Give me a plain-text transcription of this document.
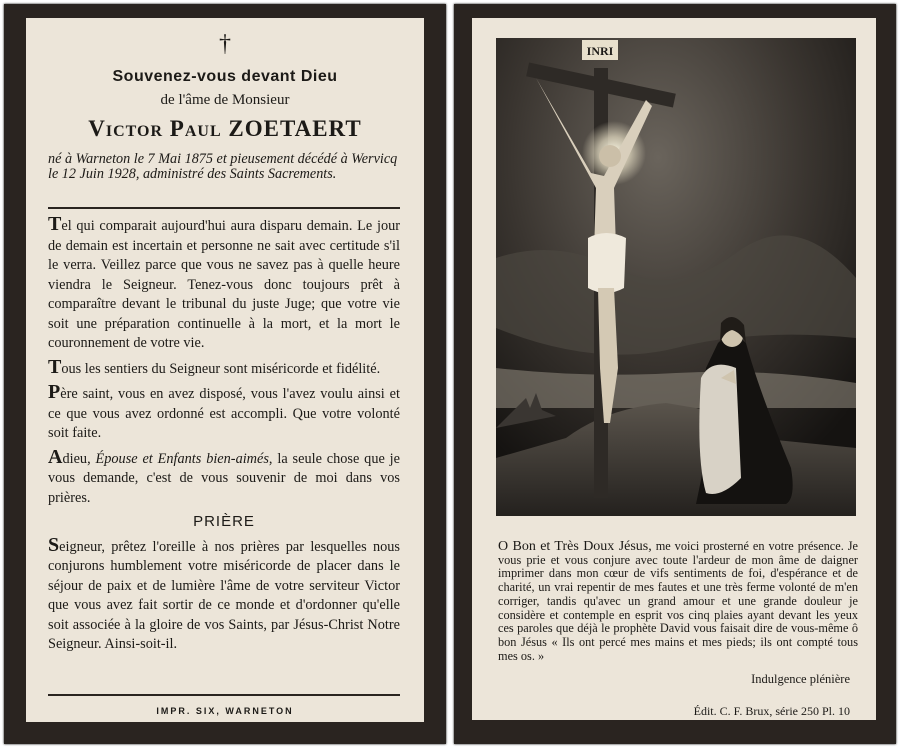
†
Souvenez-vous devant Dieu
de l'âme de Monsieur
Victor Paul ZOETAERT
né à Warneton le 7 Mai 1875 et pieusement décédé à Wervicq le 12 Juin 1928, administré des Saints Sacrements.

Tel qui comparait aujourd'hui aura disparu demain. Le jour de demain est incertain et personne ne sait avec certitude s'il le verra. Veillez parce que vous ne savez pas à quelle heure viendra le Seigneur. Tenez-vous donc toujours prêt à comparaître devant le tribunal du juste Juge; que votre vie soit une préparation continuelle à la mort, et la mort le couronnement de votre vie.

Tous les sentiers du Seigneur sont miséricorde et fidélité.

Père saint, vous en avez disposé, vous l'avez voulu ainsi et ce que vous avez ordonné est accompli. Que votre volonté soit faite.

Adieu, Épouse et Enfants bien-aimés, la seule chose que je vous demande, c'est de vous souvenir de moi dans vos prières.

PRIÈRE

Seigneur, prêtez l'oreille à nos prières par lesquelles nous conjurons humblement votre miséricorde de placer dans le séjour de paix et de lumière l'âme de votre serviteur Victor que vous avez fait sortir de ce monde et d'ordonner qu'elle soit associée à la gloire de vos Saints, par Jésus-Christ Notre Seigneur. Ainsi-soit-il.

IMPR. SIX, WARNETON
INRI
O Bon et Très Doux Jésus, me voici prosterné en votre présence. Je vous prie et vous conjure avec toute l'ardeur de mon âme de daigner imprimer dans mon cœur de vifs sentiments de foi, d'espérance et de charité, un vrai repentir de mes fautes et une très ferme volonté de m'en corriger, tandis qu'avec un grand amour et une grande douleur je considère et contemple en esprit vos cinq plaies ayant devant les yeux ces paroles que déjà le prophète David vous faisait dire de vous-même ô bon Jésus « Ils ont percé mes mains et mes pieds; ils ont compté tous mes os. »
Indulgence plénière
Édit. C. F. Brux, série 250 Pl. 10
